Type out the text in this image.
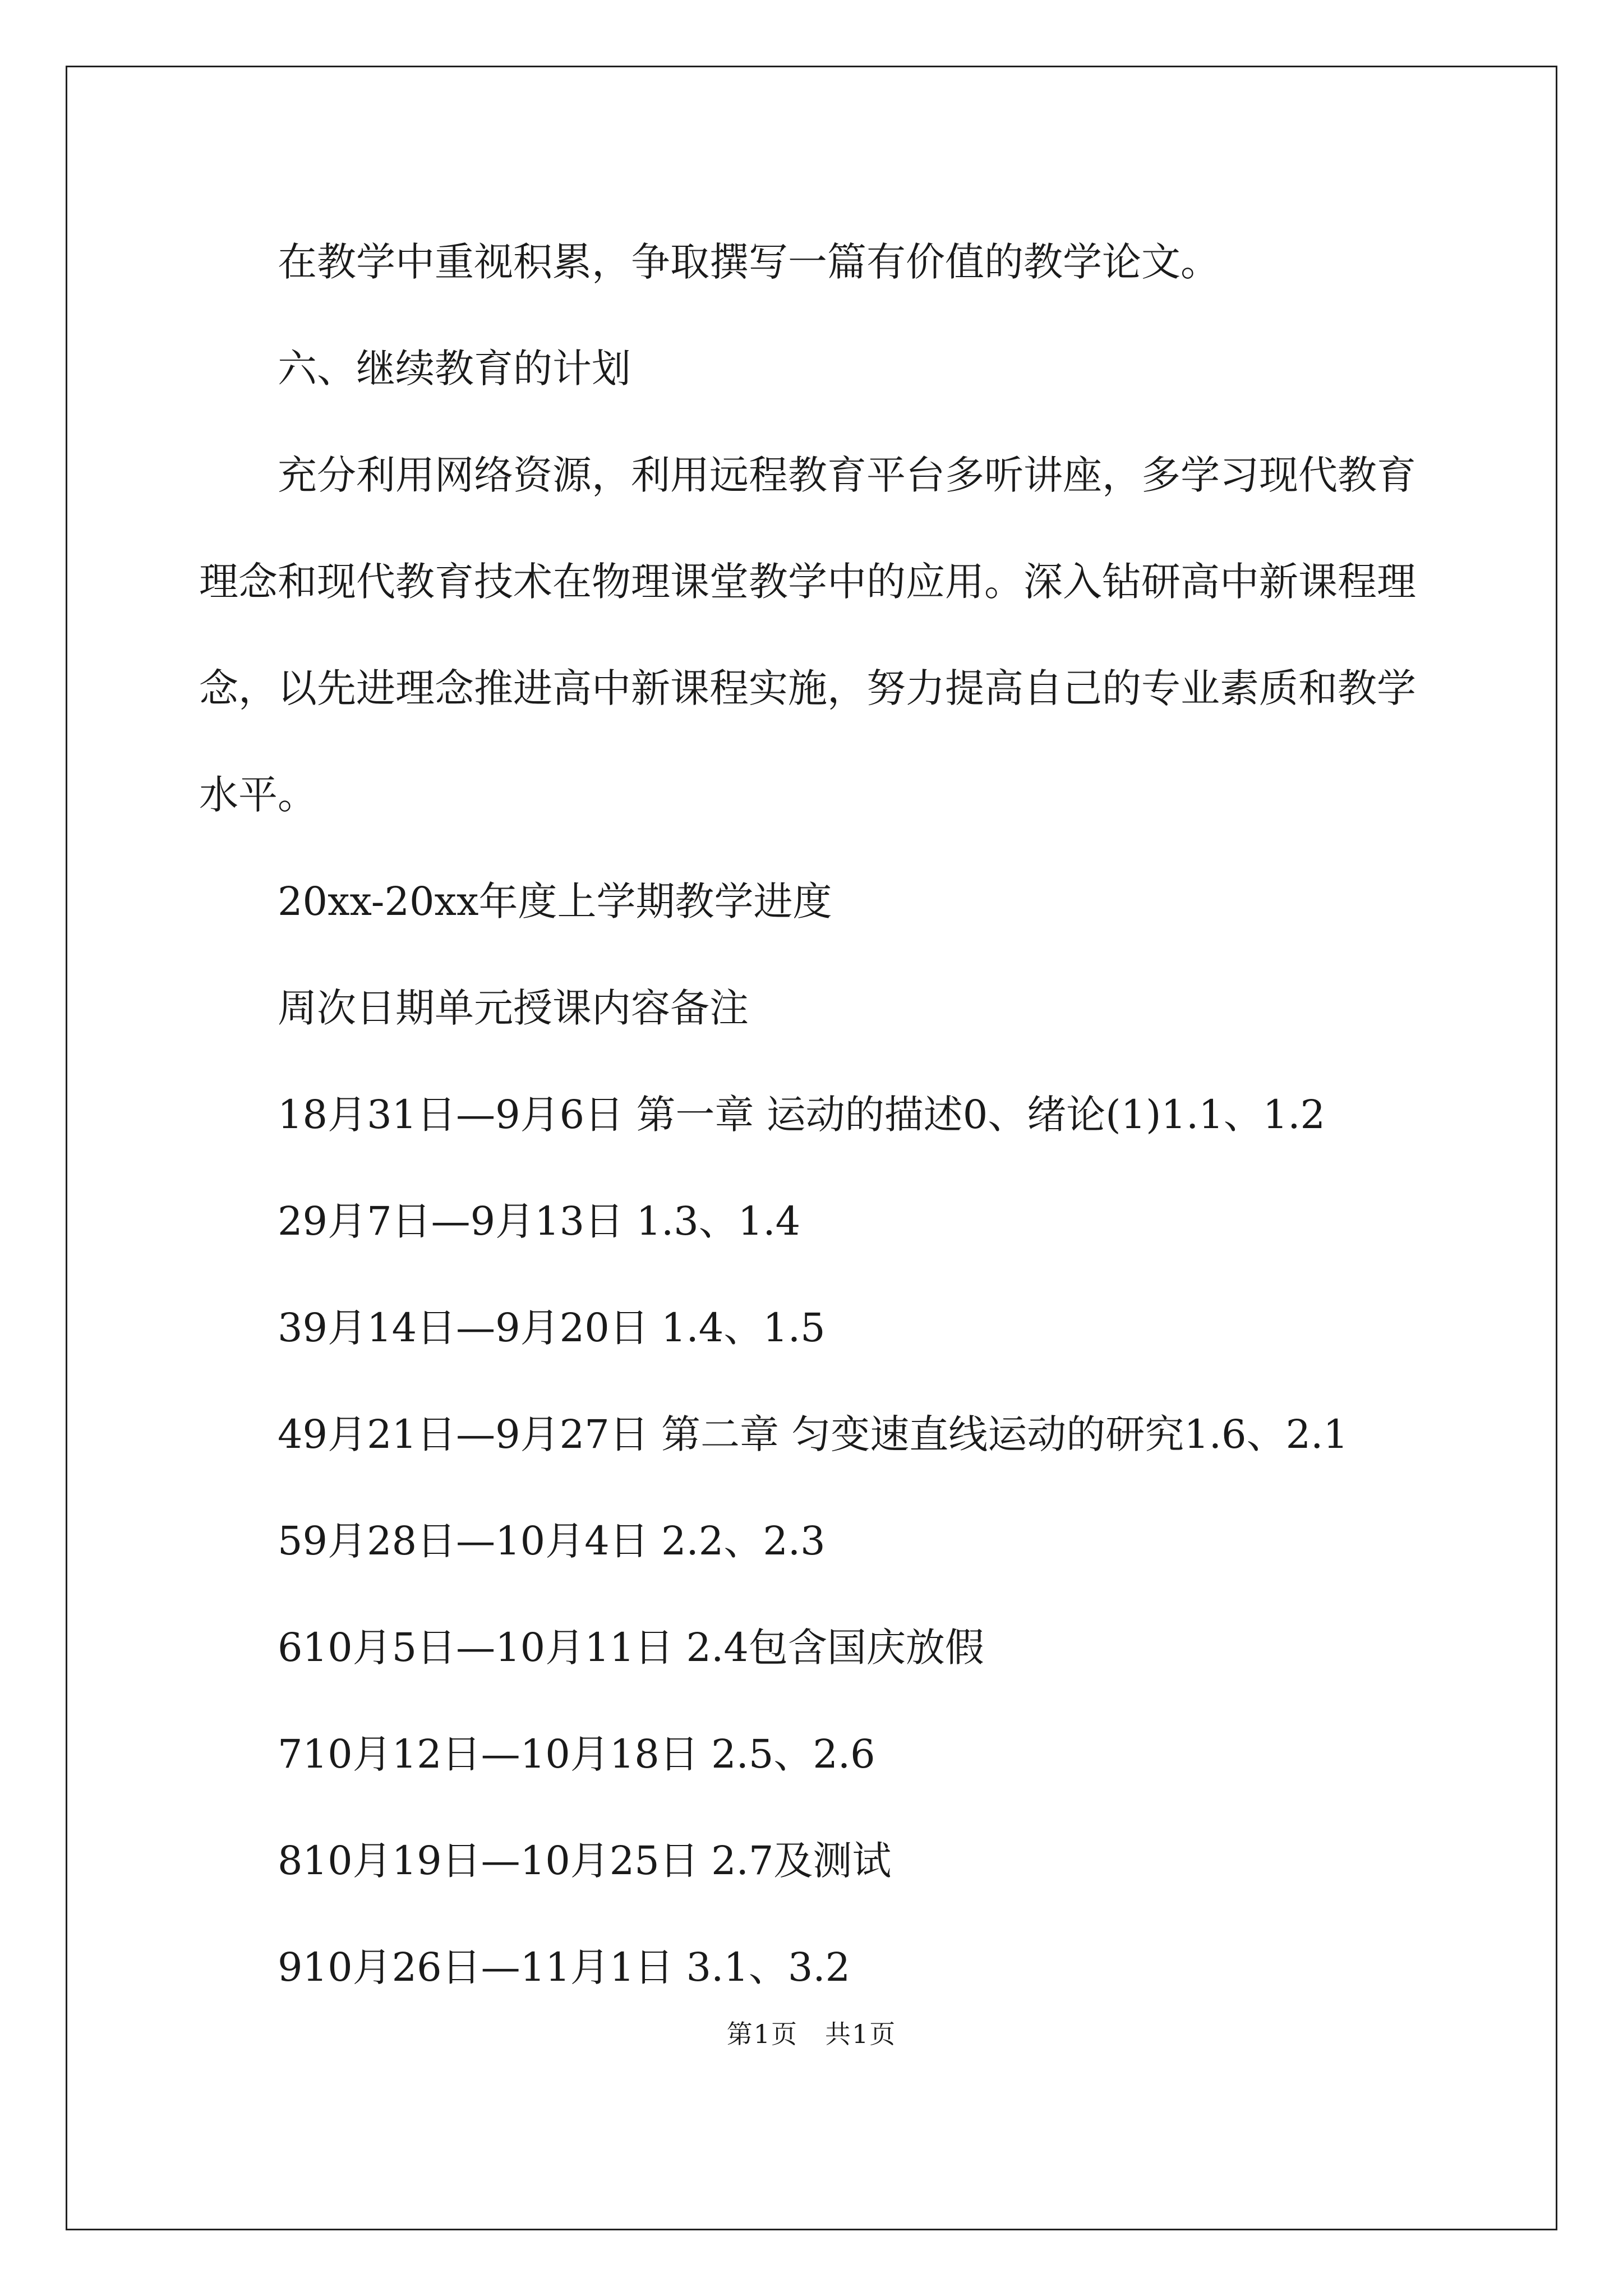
在教学中重视积累，争取撰写一篇有价值的教学论文。

六、继续教育的计划

充分利用网络资源，利用远程教育平台多听讲座，多学习现代教育理念和现代教育技术在物理课堂教学中的应用。深入钻研高中新课程理念，以先进理念推进高中新课程实施，努力提高自己的专业素质和教学水平。

20xx-20xx年度上学期教学进度

周次日期单元授课内容备注

18月31日—9月6日 第一章 运动的描述0、绪论(1)1.1、1.2

29月7日—9月13日 1.3、1.4

39月14日—9月20日 1.4、1.5

49月21日—9月27日 第二章 匀变速直线运动的研究1.6、2.1

59月28日—10月4日 2.2、2.3

610月5日—10月11日 2.4包含国庆放假

710月12日—10月18日 2.5、2.6

810月19日—10月25日 2.7及测试

910月26日—11月1日 3.1、3.2

第1页　共1页
